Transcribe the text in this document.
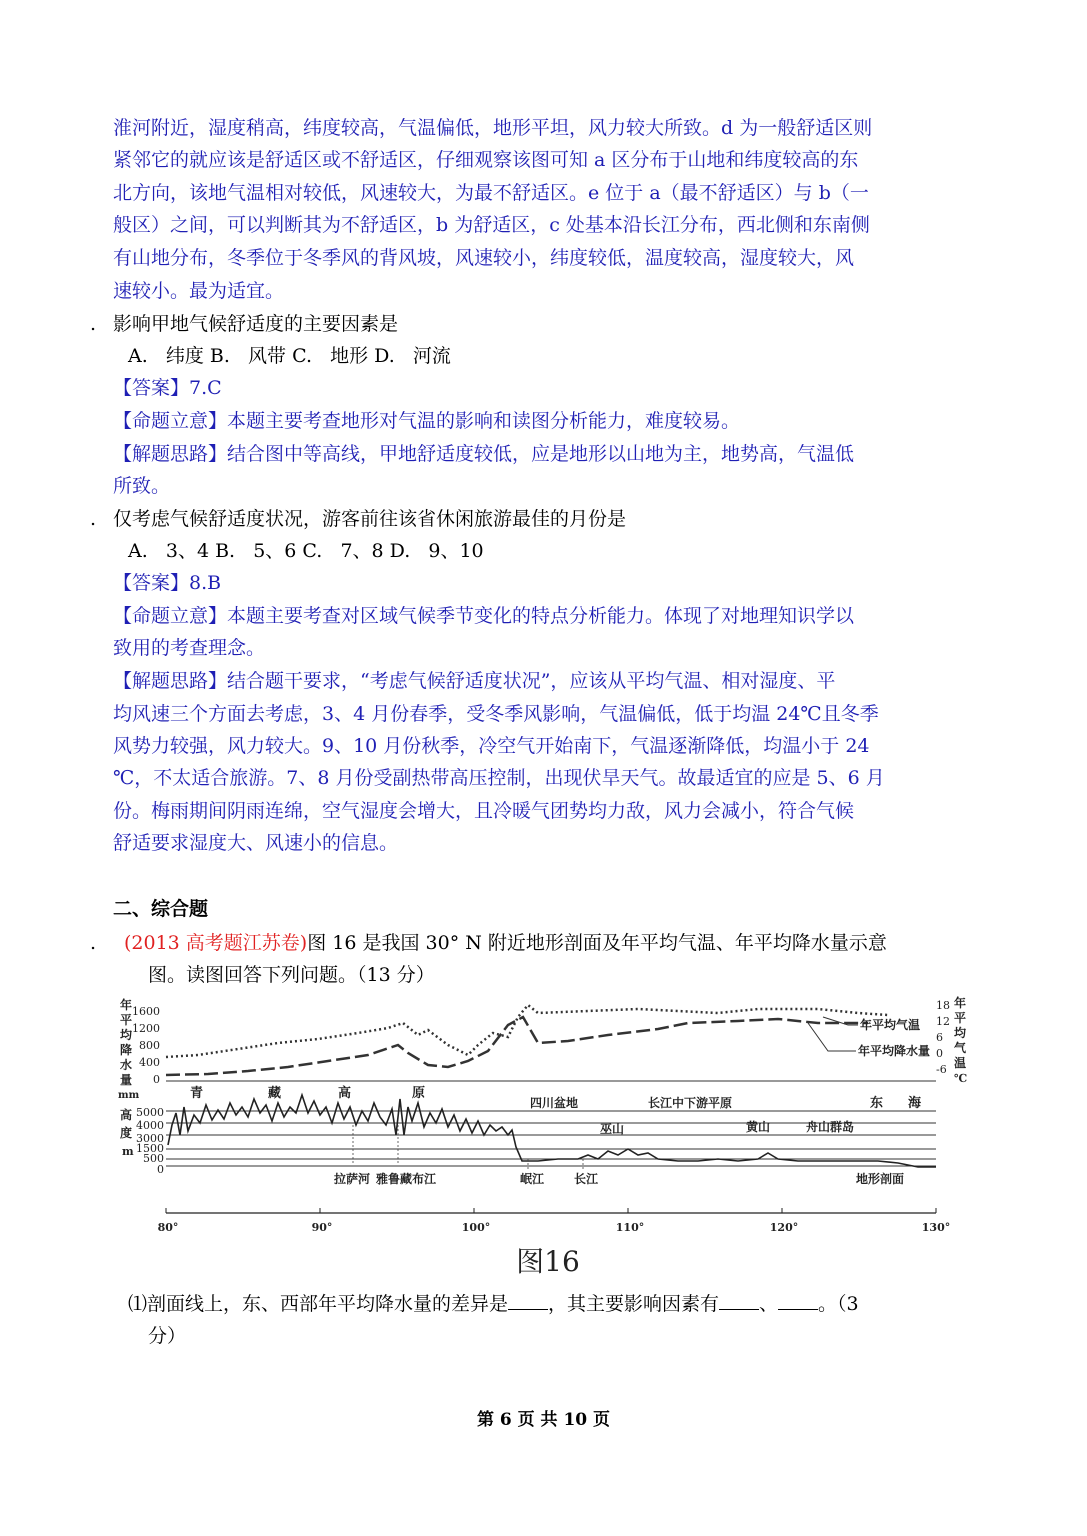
淮河附近，湿度稍高，纬度较高，气温偏低，地形平坦，风力较大所致。d 为一般舒适区则
紧邻它的就应该是舒适区或不舒适区，仔细观察该图可知 a 区分布于山地和纬度较高的东
北方向，该地气温相对较低，风速较大，为最不舒适区。e 位于 a（最不舒适区）与 b（一
般区）之间，可以判断其为不舒适区，b 为舒适区，c 处基本沿长江分布，西北侧和东南侧
有山地分布，冬季位于冬季风的背风坡，风速较小，纬度较低，温度较高，湿度较大，风
速较小。最为适宜。
. 影响甲地气候舒适度的主要因素是
A.   纬度 B.   风带 C.   地形 D.   河流
【答案】7.C
【命题立意】本题主要考查地形对气温的影响和读图分析能力，难度较易。
【解题思路】结合图中等高线，甲地舒适度较低，应是地形以山地为主，地势高，气温低
所致。
. 仅考虑气候舒适度状况，游客前往该省休闲旅游最佳的月份是
A.   3、4 B.   5、6 C.   7、8 D.   9、10
【答案】8.B
【命题立意】本题主要考查对区域气候季节变化的特点分析能力。体现了对地理知识学以
致用的考查理念。
【解题思路】结合题干要求，“考虑气候舒适度状况”，应该从平均气温、相对湿度、平
均风速三个方面去考虑，3、4 月份春季，受冬季风影响，气温偏低，低于均温 24℃且冬季
风势力较强，风力较大。9、10 月份秋季，冷空气开始南下，气温逐渐降低，均温小于 24
℃，不太适合旅游。7、8 月份受副热带高压控制，出现伏旱天气。故最适宜的应是 5、6 月
份。梅雨期间阴雨连绵，空气湿度会增大，且冷暖气团势均力敌，风力会减小，符合气候
舒适要求湿度大、风速小的信息。
二、综合题
. (2013 高考题江苏卷)图 16 是我国 30° N 附近地形剖面及年平均气温、年平均降水量示意
图。读图回答下列问题。（13 分）
年
平
均
降
水
量
mm
1600
1200
800
400
0
18
12
6
0
-6
年
平
均
气
温
℃
年平均气温
年平均降水量
高
度
m
5000
4000
3000
1500
500
0
青	藏	高	原
四川盆地	长江中下游平原	东 海
巫山	黄山	舟山群岛
拉萨河 雅鲁藏布江	岷江 长江	地形剖面
80°	90°	100°	110°	120°	130°
图16
⑴剖面线上，东、西部年平均降水量的差异是 ，其主要影响因素有 、 。（3
分）
第 6 页 共 10 页
